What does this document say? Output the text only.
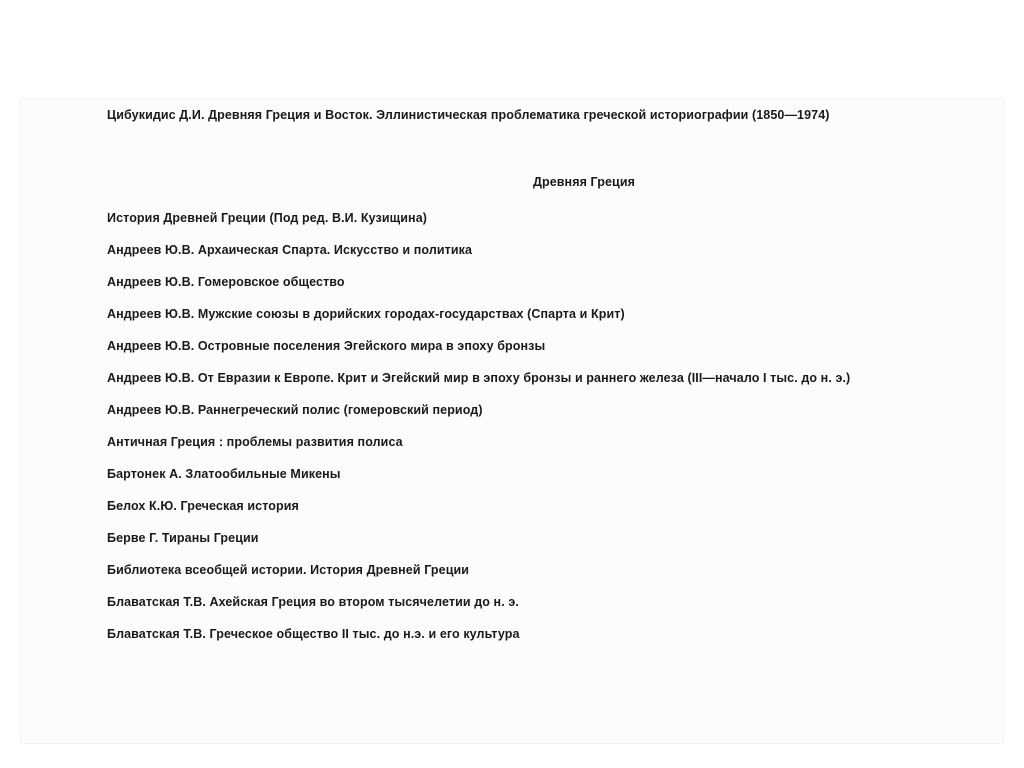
Цибукидис Д.И. Древняя Греция и Восток. Эллинистическая проблематика греческой историографии (1850—1974)

Древняя Греция

История Древней Греции (Под ред. В.И. Кузищина)

Андреев Ю.В. Архаическая Спарта. Искусство и политика

Андреев Ю.В. Гомеровское общество

Андреев Ю.В. Мужские союзы в дорийских городах-государствах (Спарта и Крит)

Андреев Ю.В. Островные поселения Эгейского мира в эпоху бронзы

Андреев Ю.В. От Евразии к Европе. Крит и Эгейский мир в эпоху бронзы и раннего железа (III—начало I тыс. до н. э.)

Андреев Ю.В. Раннегреческий полис (гомеровский период)

Античная Греция : проблемы развития полиса

Бартонек А. Златообильные Микены

Белох К.Ю. Греческая история

Берве Г. Тираны Греции

Библиотека всеобщей истории. История Древней Греции

Блаватская Т.В. Ахейская Греция во втором тысячелетии до н. э.

Блаватская Т.В. Греческое общество II тыс. до н.э. и его культура
